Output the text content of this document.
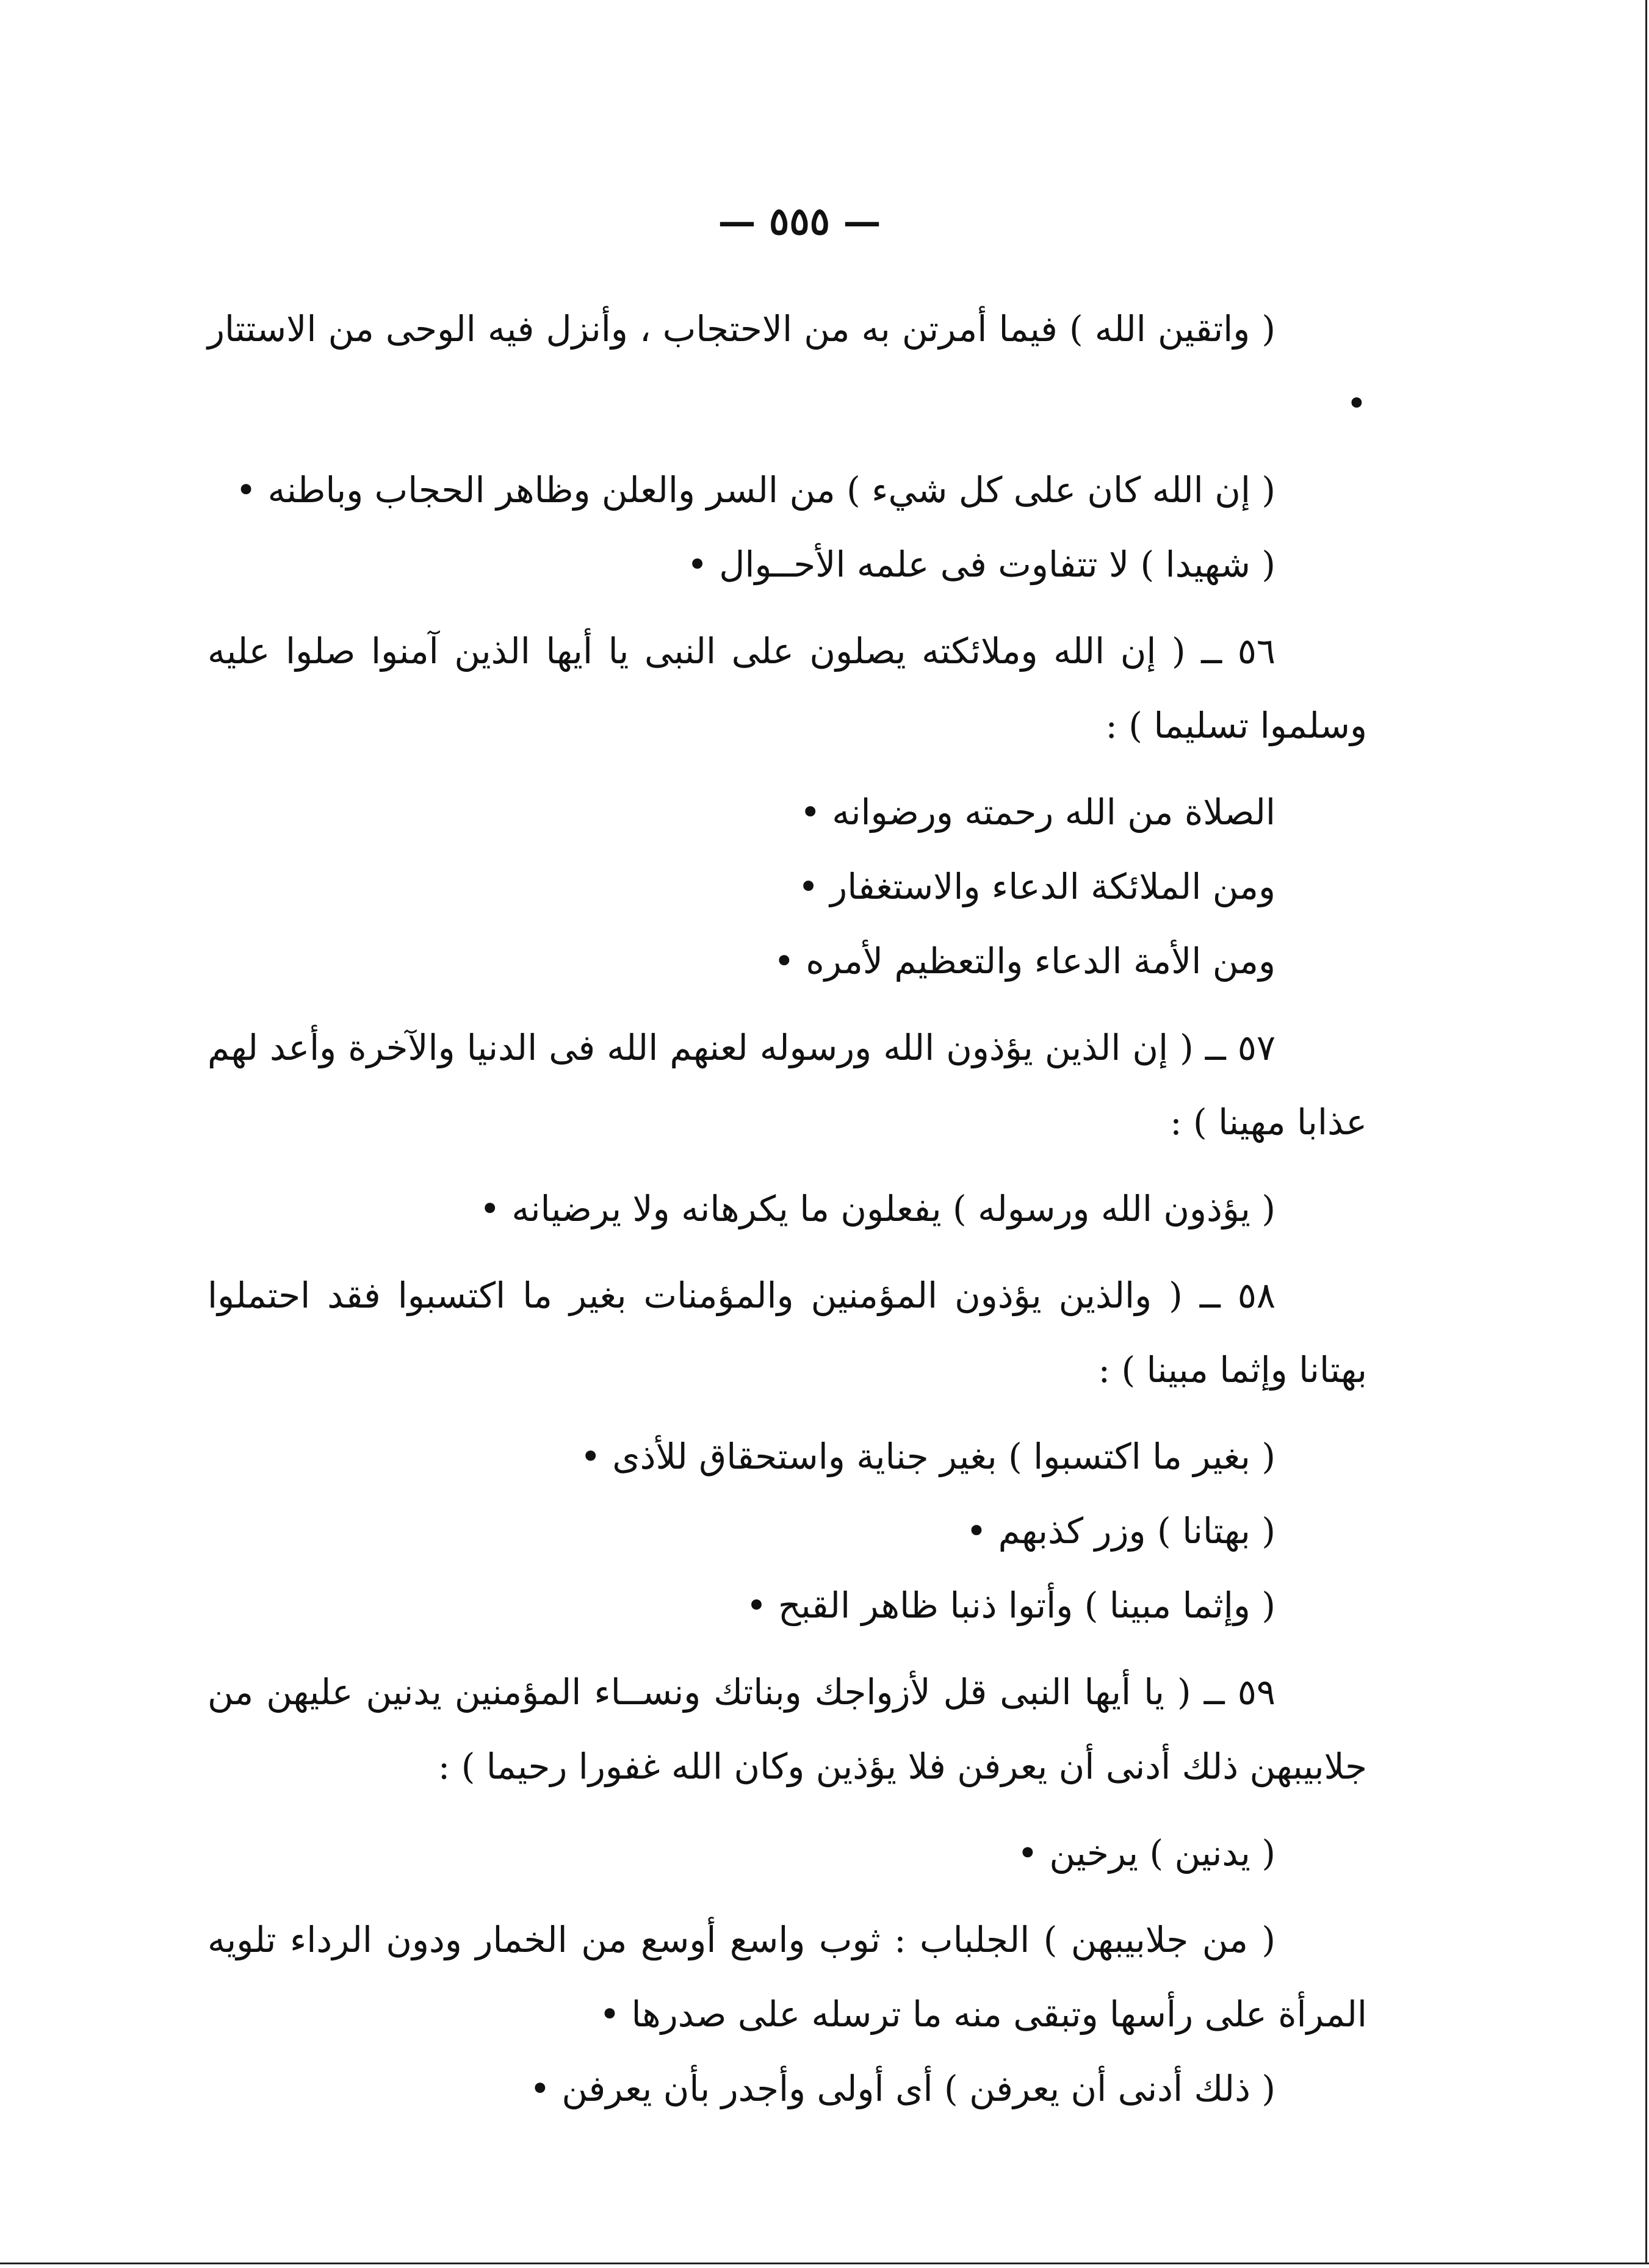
— ٥٥٥ —

( واتقين الله ) فيما أمرتن به من الاحتجاب ، وأنزل فيه الوحى من الاستتار •

( إن الله كان على كل شيء ) من السر والعلن وظاهر الحجاب وباطنه •

( شهيدا ) لا تتفاوت فى علمه الأحــوال •

٥٦ ــ ( إن الله وملائكته يصلون على النبى يا أيها الذين آمنوا صلوا عليه وسلموا تسليما ) :

الصلاة من الله رحمته ورضوانه •

ومن الملائكة الدعاء والاستغفار •

ومن الأمة الدعاء والتعظيم لأمره •

٥٧ ــ ( إن الذين يؤذون الله ورسوله لعنهم الله فى الدنيا والآخرة وأعد لهم عذابا مهينا ) :

( يؤذون الله ورسوله ) يفعلون ما يكرهانه ولا يرضيانه •

٥٨ ــ ( والذين يؤذون المؤمنين والمؤمنات بغير ما اكتسبوا فقد احتملوا بهتانا وإثما مبينا ) :

( بغير ما اكتسبوا ) بغير جناية واستحقاق للأذى •

( بهتانا ) وزر كذبهم •

( وإثما مبينا ) وأتوا ذنبا ظاهر القبح •

٥٩ ــ ( يا أيها النبى قل لأزواجك وبناتك ونســاء المؤمنين يدنين عليهن من جلابيبهن ذلك أدنى أن يعرفن فلا يؤذين وكان الله غفورا رحيما ) :

( يدنين ) يرخين •

( من جلابيبهن ) الجلباب : ثوب واسع أوسع من الخمار ودون الرداء تلويه المرأة على رأسها وتبقى منه ما ترسله على صدرها •

( ذلك أدنى أن يعرفن ) أى أولى وأجدر بأن يعرفن •
